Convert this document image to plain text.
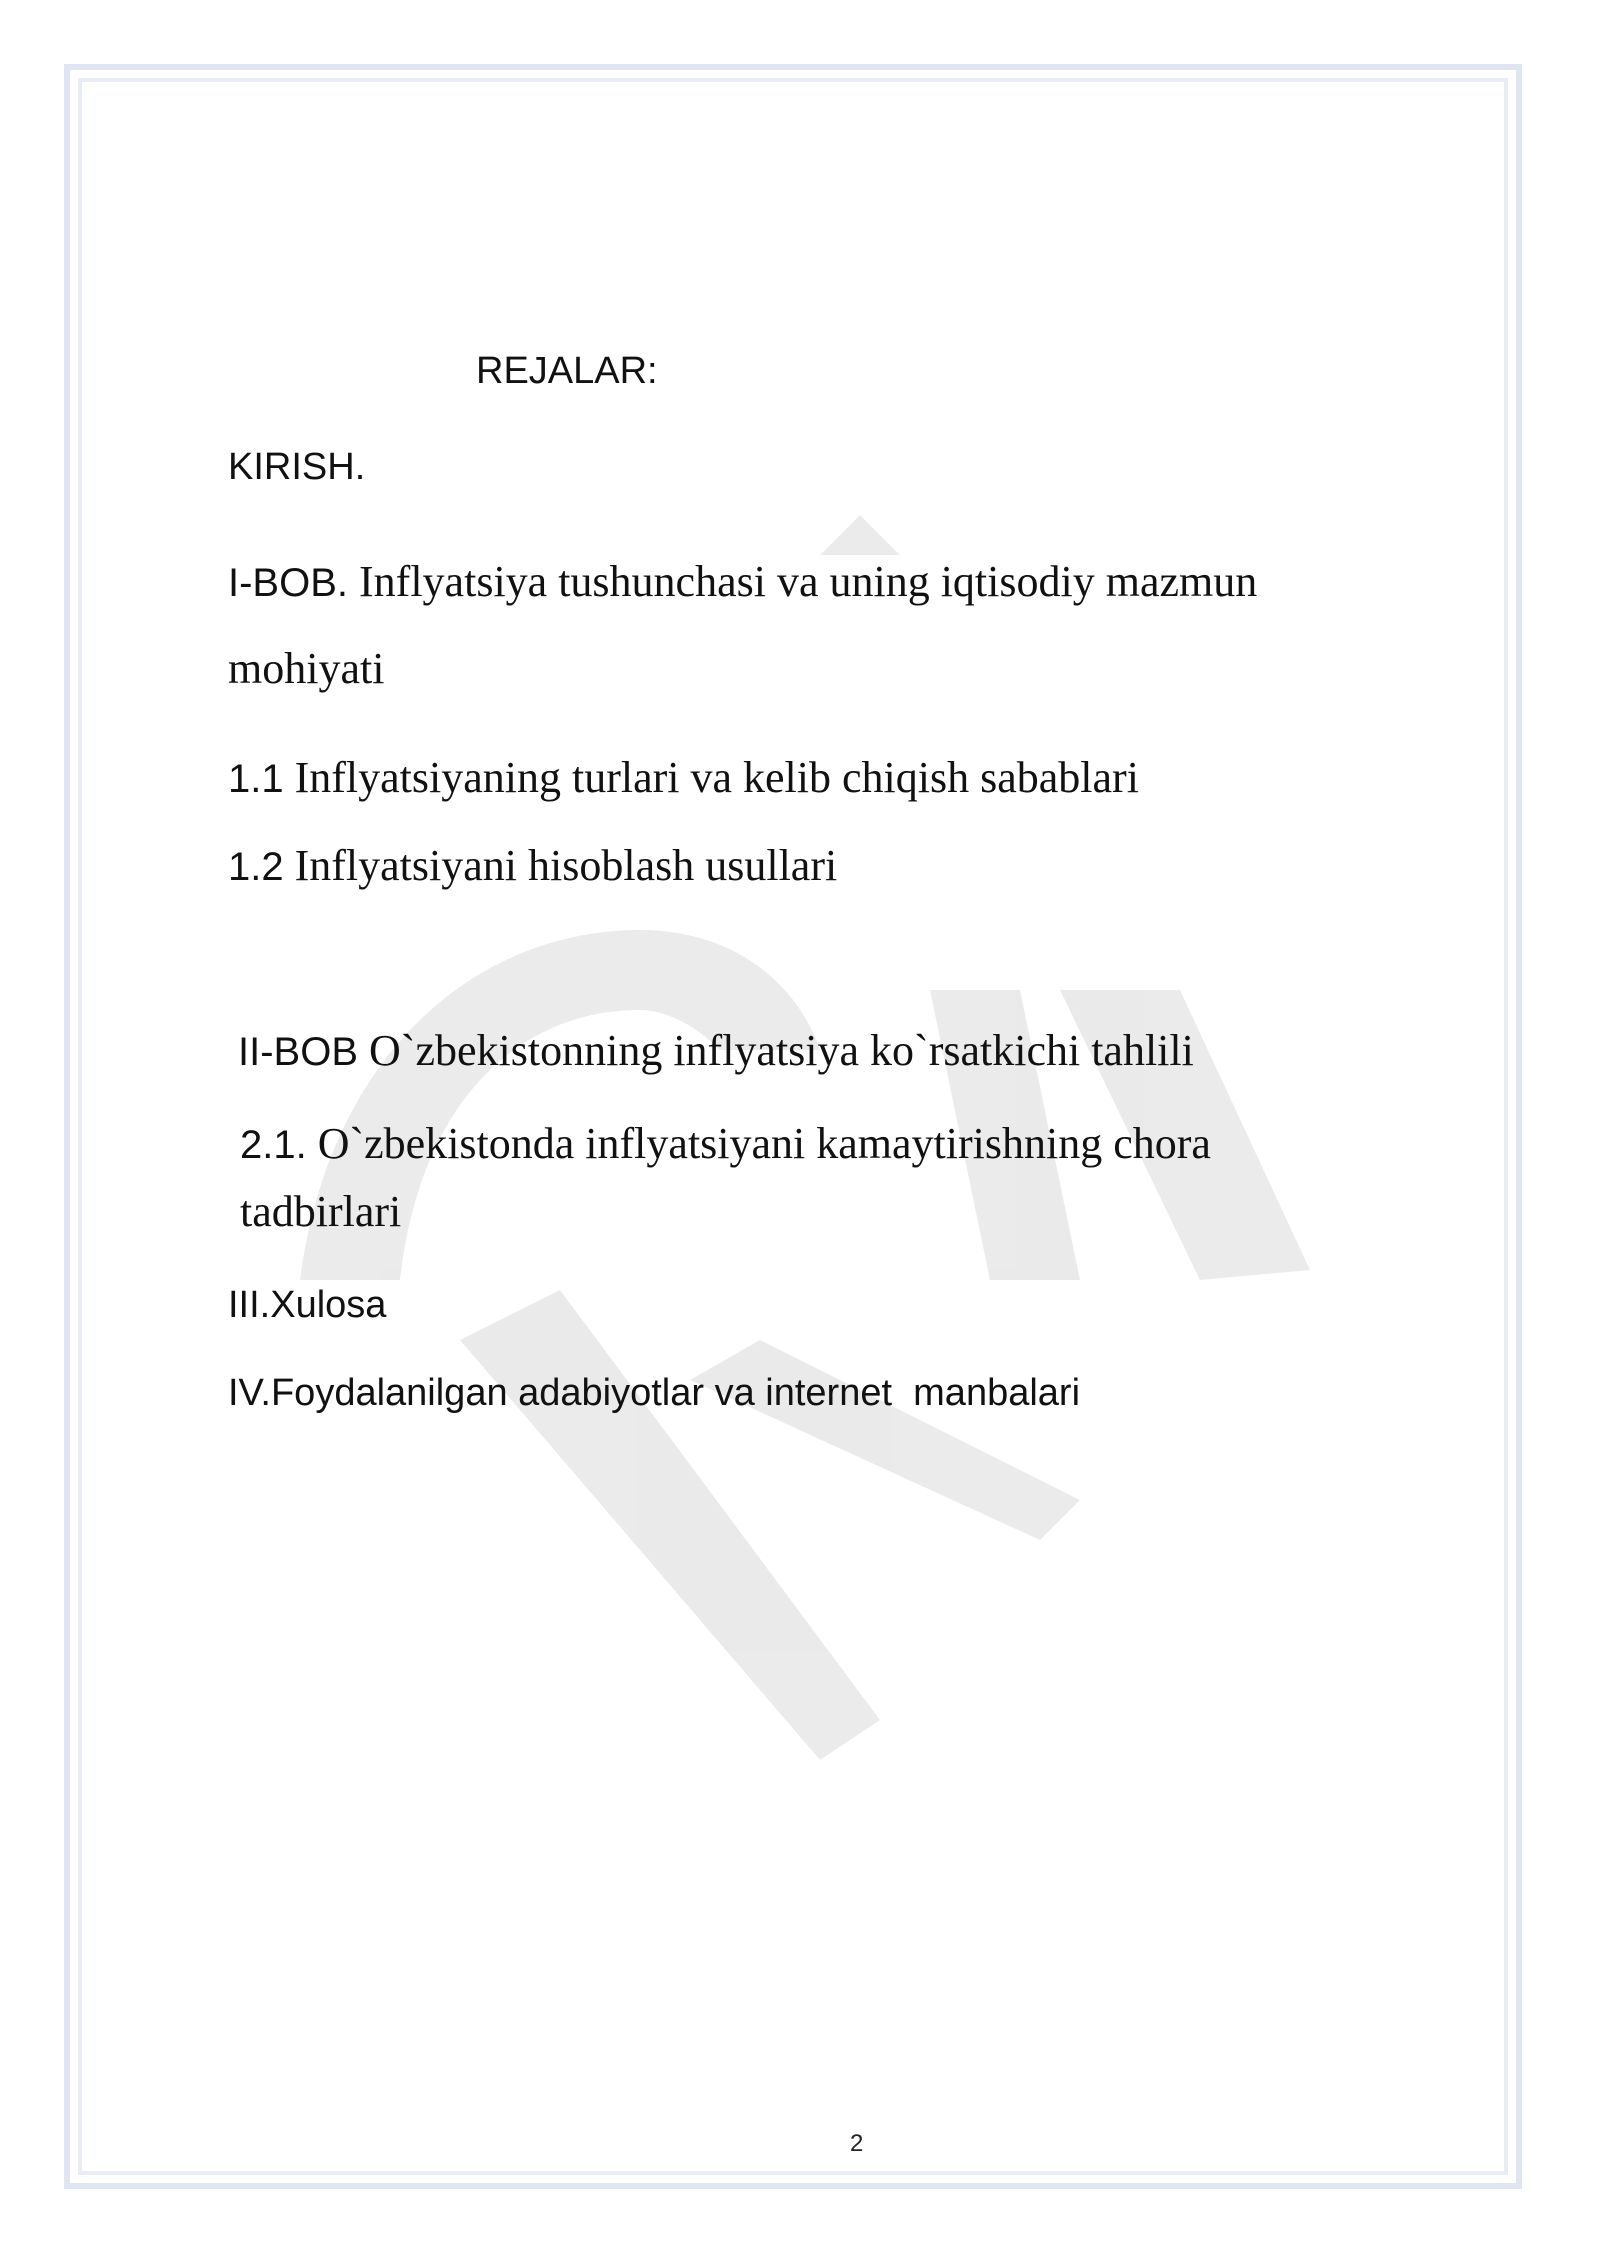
REJALAR:
KIRISH.
I-BOB. Inflyatsiya tushunchasi va uning iqtisodiy mazmun
mohiyati
1.1 Inflyatsiyaning turlari va kelib chiqish sabablari
1.2 Inflyatsiyani hisoblash usullari
II-BOB O`zbekistonning inflyatsiya ko`rsatkichi tahlili
2.1. O`zbekistonda inflyatsiyani kamaytirishning chora
tadbirlari
III.Xulosa
IV.Foydalanilgan adabiyotlar va internet  manbalari
2
